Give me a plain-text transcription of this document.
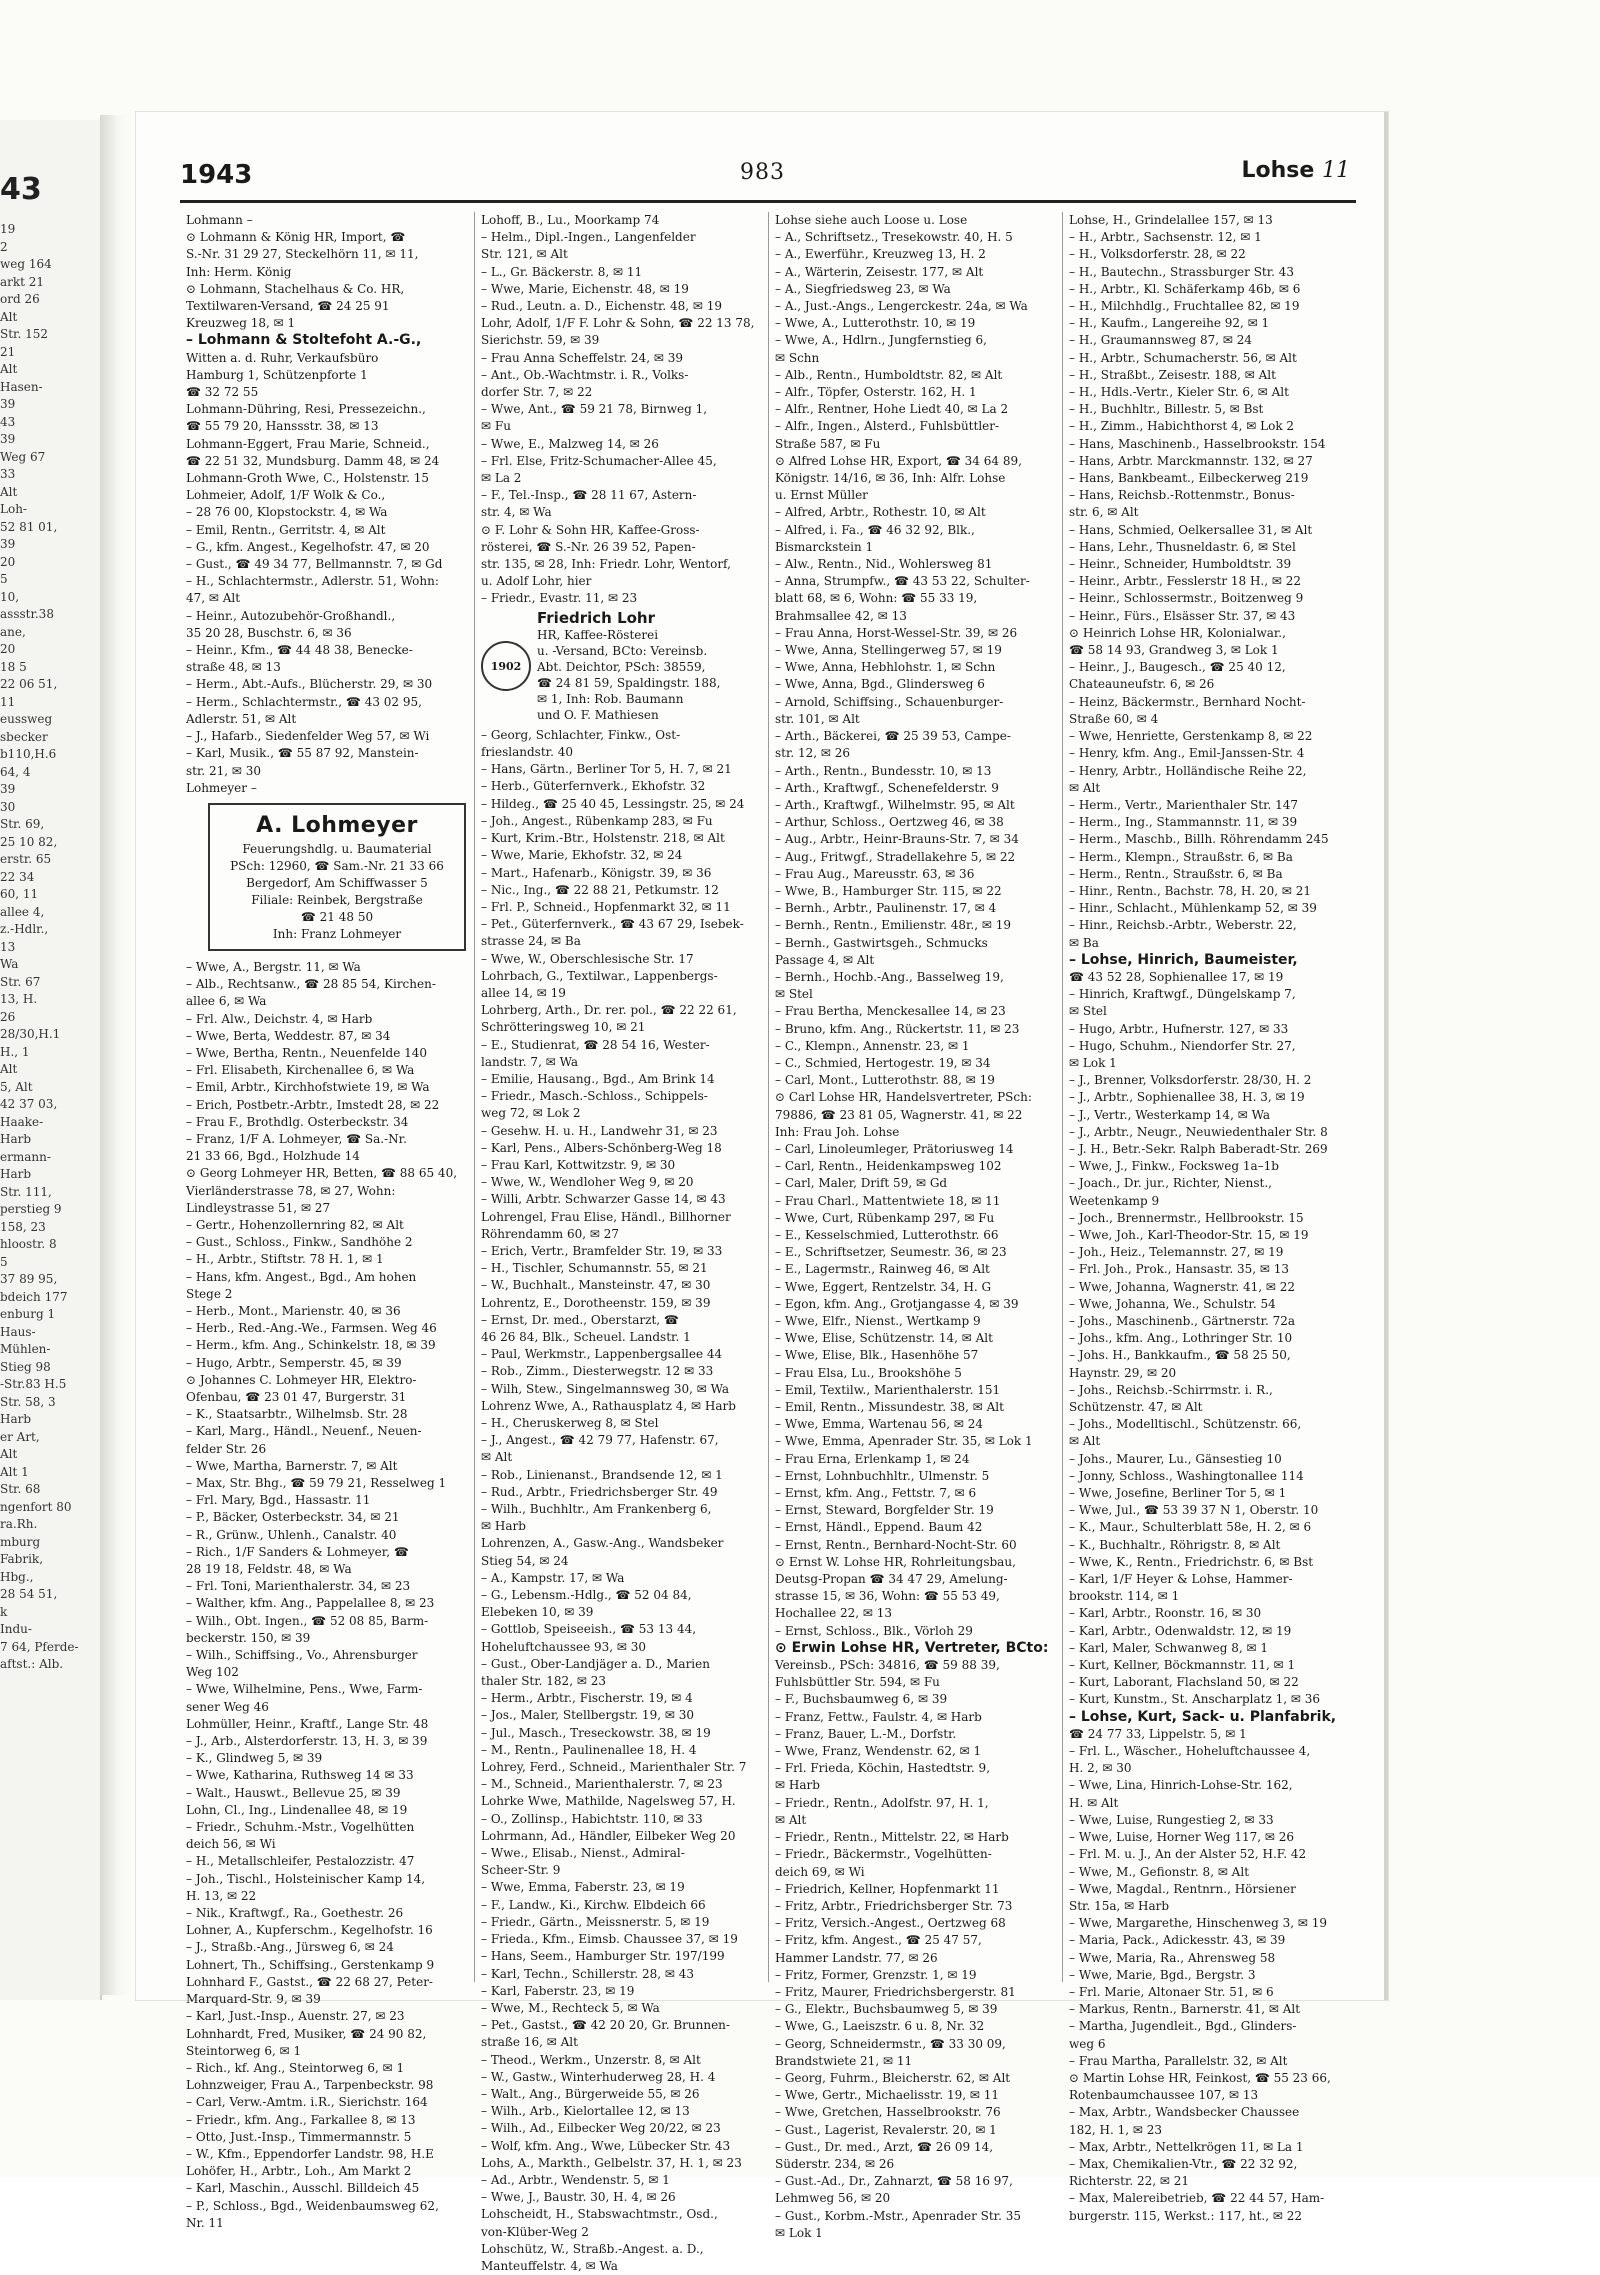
43
19
2
weg 164
arkt 21
ord 26
Alt
Str. 152
21
Alt
Hasen-
39
43
39
Weg 67
33
Alt
Loh-
52 81 01,
39
20
5
10,
assstr.38
ane,
20
18 5
22 06 51,
11
eussweg
sbecker
b110,H.6
64, 4
39
30
Str. 69,
25 10 82,
erstr. 65
22 34
60, 11
allee 4,
z.-Hdlr.,
13
Wa
Str. 67
13, H.
26
28/30,H.1
H., 1
Alt
5, Alt
42 37 03,
Haake-
Harb
ermann-
Harb
Str. 111,
perstieg 9
158, 23
hloostr. 8
5
37 89 95,
bdeich 177
enburg 1
Haus-
Mühlen-
Stieg 98
-Str.83 H.5
Str. 58, 3
Harb
er Art,
Alt
Alt 1
Str. 68
ngenfort 80
ra.Rh.
mburg
Fabrik,
Hbg.,
28 54 51,
k
Indu-
7 64, Pferde-
aftst.: Alb.
1943	983	Lohse 11
Lohmann –
⊙ Lohmann & König HR, Import, ☎
S.-Nr. 31 29 27, Steckelhörn 11, ✉ 11,
Inh: Herm. König
⊙ Lohmann, Stachelhaus & Co. HR,
Textilwaren-Versand, ☎ 24 25 91
Kreuzweg 18, ✉ 1
– Lohmann & Stoltefoht A.-G.,
Witten a. d. Ruhr, Verkaufsbüro
Hamburg 1, Schützenpforte 1
☎ 32 72 55
Lohmann-Dühring, Resi, Pressezeichn.,
☎ 55 79 20, Hanssstr. 38, ✉ 13
Lohmann-Eggert, Frau Marie, Schneid.,
☎ 22 51 32, Mundsburg. Damm 48, ✉ 24
Lohmann-Groth Wwe, C., Holstenstr. 15
Lohmeier, Adolf, 1/F Wolk & Co.,
– 28 76 00, Klopstockstr. 4, ✉ Wa
– Emil, Rentn., Gerritstr. 4, ✉ Alt
– G., kfm. Angest., Kegelhofstr. 47, ✉ 20
– Gust., ☎ 49 34 77, Bellmannstr. 7, ✉ Gd
– H., Schlachtermstr., Adlerstr. 51, Wohn:
47, ✉ Alt
– Heinr., Autozubehör-Großhandl.,
35 20 28, Buschstr. 6, ✉ 36
– Heinr., Kfm., ☎ 44 48 38, Benecke-
straße 48, ✉ 13
– Herm., Abt.-Aufs., Blücherstr. 29, ✉ 30
– Herm., Schlachtermstr., ☎ 43 02 95,
Adlerstr. 51, ✉ Alt
– J., Hafarb., Siedenfelder Weg 57, ✉ Wi
– Karl, Musik., ☎ 55 87 92, Manstein-
str. 21, ✉ 30
Lohmeyer –
A. Lohmeyer
Feuerungshdlg. u. Baumaterial
PSch: 12960, ☎ Sam.-Nr. 21 33 66
Bergedorf, Am Schiffwasser 5
Filiale: Reinbek, Bergstraße
☎ 21 48 50
Inh: Franz Lohmeyer
– Wwe, A., Bergstr. 11, ✉ Wa
– Alb., Rechtsanw., ☎ 28 85 54, Kirchen-
allee 6, ✉ Wa
– Frl. Alw., Deichstr. 4, ✉ Harb
– Wwe, Berta, Weddestr. 87, ✉ 34
– Wwe, Bertha, Rentn., Neuenfelde 140
– Frl. Elisabeth, Kirchenallee 6, ✉ Wa
– Emil, Arbtr., Kirchhofstwiete 19, ✉ Wa
– Erich, Postbetr.-Arbtr., Imstedt 28, ✉ 22
– Frau F., Brothdlg. Osterbeckstr. 34
– Franz, 1/F A. Lohmeyer, ☎ Sa.-Nr.
21 33 66, Bgd., Holzhude 14
⊙ Georg Lohmeyer HR, Betten, ☎ 88 65 40,
Vierländerstrasse 78, ✉ 27, Wohn:
Lindleystrasse 51, ✉ 27
– Gertr., Hohenzollernring 82, ✉ Alt
– Gust., Schloss., Finkw., Sandhöhe 2
– H., Arbtr., Stiftstr. 78 H. 1, ✉ 1
– Hans, kfm. Angest., Bgd., Am hohen
Stege 2
– Herb., Mont., Marienstr. 40, ✉ 36
– Herb., Red.-Ang.-We., Farmsen. Weg 46
– Herm., kfm. Ang., Schinkelstr. 18, ✉ 39
– Hugo, Arbtr., Semperstr. 45, ✉ 39
⊙ Johannes C. Lohmeyer HR, Elektro-
Ofenbau, ☎ 23 01 47, Burgerstr. 31
– K., Staatsarbtr., Wilhelmsb. Str. 28
– Karl, Marg., Händl., Neuenf., Neuen-
felder Str. 26
– Wwe, Martha, Barnerstr. 7, ✉ Alt
– Max, Str. Bhg., ☎ 59 79 21, Resselweg 1
– Frl. Mary, Bgd., Hassastr. 11
– P., Bäcker, Osterbeckstr. 34, ✉ 21
– R., Grünw., Uhlenh., Canalstr. 40
– Rich., 1/F Sanders & Lohmeyer, ☎
28 19 18, Feldstr. 48, ✉ Wa
– Frl. Toni, Marienthalerstr. 34, ✉ 23
– Walther, kfm. Ang., Pappelallee 8, ✉ 23
– Wilh., Obt. Ingen., ☎ 52 08 85, Barm-
beckerstr. 150, ✉ 39
– Wilh., Schiffsing., Vo., Ahrensburger
Weg 102
– Wwe, Wilhelmine, Pens., Wwe, Farm-
sener Weg 46
Lohmüller, Heinr., Kraftf., Lange Str. 48
– J., Arb., Alsterdorferstr. 13, H. 3, ✉ 39
– K., Glindweg 5, ✉ 39
– Wwe, Katharina, Ruthsweg 14 ✉ 33
– Walt., Hauswt., Bellevue 25, ✉ 39
Lohn, Cl., Ing., Lindenallee 48, ✉ 19
– Friedr., Schuhm.-Mstr., Vogelhütten
deich 56, ✉ Wi
– H., Metallschleifer, Pestalozzistr. 47
– Joh., Tischl., Holsteinischer Kamp 14,
H. 13, ✉ 22
– Nik., Kraftwgf., Ra., Goethestr. 26
Lohner, A., Kupferschm., Kegelhofstr. 16
– J., Straßb.-Ang., Jürsweg 6, ✉ 24
Lohnert, Th., Schiffsing., Gerstenkamp 9
Lohnhard F., Gastst., ☎ 22 68 27, Peter-
Marquard-Str. 9, ✉ 39
– Karl, Just.-Insp., Auenstr. 27, ✉ 23
Lohnhardt, Fred, Musiker, ☎ 24 90 82,
Steintorweg 6, ✉ 1
– Rich., kf. Ang., Steintorweg 6, ✉ 1
Lohnzweiger, Frau A., Tarpenbeckstr. 98
– Carl, Verw.-Amtm. i.R., Sierichstr. 164
– Friedr., kfm. Ang., Farkallee 8, ✉ 13
– Otto, Just.-Insp., Timmermannstr. 5
– W., Kfm., Eppendorfer Landstr. 98, H.E
Lohöfer, H., Arbtr., Loh., Am Markt 2
– Karl, Maschin., Ausschl. Billdeich 45
– P., Schloss., Bgd., Weidenbaumsweg 62,
Nr. 11
Lohoff, B., Lu., Moorkamp 74
– Helm., Dipl.-Ingen., Langenfelder
Str. 121, ✉ Alt
– L., Gr. Bäckerstr. 8, ✉ 11
– Wwe, Marie, Eichenstr. 48, ✉ 19
– Rud., Leutn. a. D., Eichenstr. 48, ✉ 19
Lohr, Adolf, 1/F F. Lohr & Sohn, ☎ 22 13 78,
Sierichstr. 59, ✉ 39
– Frau Anna Scheffelstr. 24, ✉ 39
– Ant., Ob.-Wachtmstr. i. R., Volks-
dorfer Str. 7, ✉ 22
– Wwe, Ant., ☎ 59 21 78, Birnweg 1,
✉ Fu
– Wwe, E., Malzweg 14, ✉ 26
– Frl. Else, Fritz-Schumacher-Allee 45,
✉ La 2
– F., Tel.-Insp., ☎ 28 11 67, Astern-
str. 4, ✉ Wa
⊙ F. Lohr & Sohn HR, Kaffee-Gross-
rösterei, ☎ S.-Nr. 26 39 52, Papen-
str. 135, ✉ 28, Inh: Friedr. Lohr, Wentorf,
u. Adolf Lohr, hier
– Friedr., Evastr. 11, ✉ 23
1902
Friedrich Lohr
HR, Kaffee-Rösterei
u. -Versand, BCto: Vereinsb.
Abt. Deichtor, PSch: 38559,
☎ 24 81 59, Spaldingstr. 188,
✉ 1, Inh: Rob. Baumann
und O. F. Mathiesen
– Georg, Schlachter, Finkw., Ost-
frieslandstr. 40
– Hans, Gärtn., Berliner Tor 5, H. 7, ✉ 21
– Herb., Güterfernverk., Ekhofstr. 32
– Hildeg., ☎ 25 40 45, Lessingstr. 25, ✉ 24
– Joh., Angest., Rübenkamp 283, ✉ Fu
– Kurt, Krim.-Btr., Holstenstr. 218, ✉ Alt
– Wwe, Marie, Ekhofstr. 32, ✉ 24
– Mart., Hafenarb., Königstr. 39, ✉ 36
– Nic., Ing., ☎ 22 88 21, Petkumstr. 12
– Frl. P., Schneid., Hopfenmarkt 32, ✉ 11
– Pet., Güterfernverk., ☎ 43 67 29, Isebek-
strasse 24, ✉ Ba
– Wwe, W., Oberschlesische Str. 17
Lohrbach, G., Textilwar., Lappenbergs-
allee 14, ✉ 19
Lohrberg, Arth., Dr. rer. pol., ☎ 22 22 61,
Schrötteringsweg 10, ✉ 21
– E., Studienrat, ☎ 28 54 16, Wester-
landstr. 7, ✉ Wa
– Emilie, Hausang., Bgd., Am Brink 14
– Friedr., Masch.-Schloss., Schippels-
weg 72, ✉ Lok 2
– Gesehw. H. u. H., Landwehr 31, ✉ 23
– Karl, Pens., Albers-Schönberg-Weg 18
– Frau Karl, Kottwitzstr. 9, ✉ 30
– Wwe, W., Wendloher Weg 9, ✉ 20
– Willi, Arbtr. Schwarzer Gasse 14, ✉ 43
Lohrengel, Frau Elise, Händl., Billhorner
Röhrendamm 60, ✉ 27
– Erich, Vertr., Bramfelder Str. 19, ✉ 33
– H., Tischler, Schumannstr. 55, ✉ 21
– W., Buchhalt., Mansteinstr. 47, ✉ 30
Lohrentz, E., Dorotheenstr. 159, ✉ 39
– Ernst, Dr. med., Oberstarzt, ☎
46 26 84, Blk., Scheuel. Landstr. 1
– Paul, Werkmstr., Lappenbergsallee 44
– Rob., Zimm., Diesterwegstr. 12 ✉ 33
– Wilh, Stew., Singelmannsweg 30, ✉ Wa
Lohrenz Wwe, A., Rathausplatz 4, ✉ Harb
– H., Cheruskerweg 8, ✉ Stel
– J., Angest., ☎ 42 79 77, Hafenstr. 67,
✉ Alt
– Rob., Linienanst., Brandsende 12, ✉ 1
– Rud., Arbtr., Friedrichsberger Str. 49
– Wilh., Buchhltr., Am Frankenberg 6,
✉ Harb
Lohrenzen, A., Gasw.-Ang., Wandsbeker
Stieg 54, ✉ 24
– A., Kampstr. 17, ✉ Wa
– G., Lebensm.-Hdlg., ☎ 52 04 84,
Elebeken 10, ✉ 39
– Gottlob, Speiseeish., ☎ 53 13 44,
Hoheluftchaussee 93, ✉ 30
– Gust., Ober-Landjäger a. D., Marien
thaler Str. 182, ✉ 23
– Herm., Arbtr., Fischerstr. 19, ✉ 4
– Jos., Maler, Stellbergstr. 19, ✉ 30
– Jul., Masch., Treseckowstr. 38, ✉ 19
– M., Rentn., Paulinenallee 18, H. 4
Lohrey, Ferd., Schneid., Marienthaler Str. 7
– M., Schneid., Marienthalerstr. 7, ✉ 23
Lohrke Wwe, Mathilde, Nagelsweg 57, H.
– O., Zollinsp., Habichtstr. 110, ✉ 33
Lohrmann, Ad., Händler, Eilbeker Weg 20
– Wwe., Elisab., Nienst., Admiral-
Scheer-Str. 9
– Wwe, Emma, Faberstr. 23, ✉ 19
– F., Landw., Ki., Kirchw. Elbdeich 66
– Friedr., Gärtn., Meissnerstr. 5, ✉ 19
– Frieda., Kfm., Eimsb. Chaussee 37, ✉ 19
– Hans, Seem., Hamburger Str. 197/199
– Karl, Techn., Schillerstr. 28, ✉ 43
– Karl, Faberstr. 23, ✉ 19
– Wwe, M., Rechteck 5, ✉ Wa
– Pet., Gastst., ☎ 42 20 20, Gr. Brunnen-
straße 16, ✉ Alt
– Theod., Werkm., Unzerstr. 8, ✉ Alt
– W., Gastw., Winterhuderweg 28, H. 4
– Walt., Ang., Bürgerweide 55, ✉ 26
– Wilh., Arb., Kielortallee 12, ✉ 13
– Wilh., Ad., Eilbecker Weg 20/22, ✉ 23
– Wolf, kfm. Ang., Wwe, Lübecker Str. 43
Lohs, A., Markth., Gelbelstr. 37, H. 1, ✉ 23
– Ad., Arbtr., Wendenstr. 5, ✉ 1
– Wwe, J., Baustr. 30, H. 4, ✉ 26
Lohscheidt, H., Stabswachtmstr., Osd.,
von-Klüber-Weg 2
Lohschütz, W., Straßb.-Angest. a. D.,
Manteuffelstr. 4, ✉ Wa
Lohse siehe auch Loose u. Lose
– A., Schriftsetz., Tresekowstr. 40, H. 5
– A., Ewerführ., Kreuzweg 13, H. 2
– A., Wärterin, Zeisestr. 177, ✉ Alt
– A., Siegfriedsweg 23, ✉ Wa
– A., Just.-Angs., Lengerckestr. 24a, ✉ Wa
– Wwe, A., Lutterothstr. 10, ✉ 19
– Wwe, A., Hdlrn., Jungfernstieg 6,
✉ Schn
– Alb., Rentn., Humboldtstr. 82, ✉ Alt
– Alfr., Töpfer, Osterstr. 162, H. 1
– Alfr., Rentner, Hohe Liedt 40, ✉ La 2
– Alfr., Ingen., Alsterd., Fuhlsbüttler-
Straße 587, ✉ Fu
⊙ Alfred Lohse HR, Export, ☎ 34 64 89,
Königstr. 14/16, ✉ 36, Inh: Alfr. Lohse
u. Ernst Müller
– Alfred, Arbtr., Rothestr. 10, ✉ Alt
– Alfred, i. Fa., ☎ 46 32 92, Blk.,
Bismarckstein 1
– Alw., Rentn., Nid., Wohlersweg 81
– Anna, Strumpfw., ☎ 43 53 22, Schulter-
blatt 68, ✉ 6, Wohn: ☎ 55 33 19,
Brahmsallee 42, ✉ 13
– Frau Anna, Horst-Wessel-Str. 39, ✉ 26
– Wwe, Anna, Stellingerweg 57, ✉ 19
– Wwe, Anna, Hebhlohstr. 1, ✉ Schn
– Wwe, Anna, Bgd., Glindersweg 6
– Arnold, Schiffsing., Schauenburger-
str. 101, ✉ Alt
– Arth., Bäckerei, ☎ 25 39 53, Campe-
str. 12, ✉ 26
– Arth., Rentn., Bundesstr. 10, ✉ 13
– Arth., Kraftwgf., Schenefelderstr. 9
– Arth., Kraftwgf., Wilhelmstr. 95, ✉ Alt
– Arthur, Schloss., Oertzweg 46, ✉ 38
– Aug., Arbtr., Heinr-Brauns-Str. 7, ✉ 34
– Aug., Fritwgf., Stradellakehre 5, ✉ 22
– Frau Aug., Mareusstr. 63, ✉ 36
– Wwe, B., Hamburger Str. 115, ✉ 22
– Bernh., Arbtr., Paulinenstr. 17, ✉ 4
– Bernh., Rentn., Emilienstr. 48r., ✉ 19
– Bernh., Gastwirtsgeh., Schmucks
Passage 4, ✉ Alt
– Bernh., Hochb.-Ang., Basselweg 19,
✉ Stel
– Frau Bertha, Menckesallee 14, ✉ 23
– Bruno, kfm. Ang., Rückertstr. 11, ✉ 23
– C., Klempn., Annenstr. 23, ✉ 1
– C., Schmied, Hertogestr. 19, ✉ 34
– Carl, Mont., Lutterothstr. 88, ✉ 19
⊙ Carl Lohse HR, Handelsvertreter, PSch:
79886, ☎ 23 81 05, Wagnerstr. 41, ✉ 22
Inh: Frau Joh. Lohse
– Carl, Linoleumleger, Prätoriusweg 14
– Carl, Rentn., Heidenkampsweg 102
– Carl, Maler, Drift 59, ✉ Gd
– Frau Charl., Mattentwiete 18, ✉ 11
– Wwe, Curt, Rübenkamp 297, ✉ Fu
– E., Kesselschmied, Lutterothstr. 66
– E., Schriftsetzer, Seumestr. 36, ✉ 23
– E., Lagermstr., Rainweg 46, ✉ Alt
– Wwe, Eggert, Rentzelstr. 34, H. G
– Egon, kfm. Ang., Grotjangasse 4, ✉ 39
– Wwe, Elfr., Nienst., Wertkamp 9
– Wwe, Elise, Schützenstr. 14, ✉ Alt
– Wwe, Elise, Blk., Hasenhöhe 57
– Frau Elsa, Lu., Brookshöhe 5
– Emil, Textilw., Marienthalerstr. 151
– Emil, Rentn., Missundestr. 38, ✉ Alt
– Wwe, Emma, Wartenau 56, ✉ 24
– Wwe, Emma, Apenrader Str. 35, ✉ Lok 1
– Frau Erna, Erlenkamp 1, ✉ 24
– Ernst, Lohnbuchhltr., Ulmenstr. 5
– Ernst, kfm. Ang., Fettstr. 7, ✉ 6
– Ernst, Steward, Borgfelder Str. 19
– Ernst, Händl., Eppend. Baum 42
– Ernst, Rentn., Bernhard-Nocht-Str. 60
⊙ Ernst W. Lohse HR, Rohrleitungsbau,
Deutsg-Propan ☎ 34 47 29, Amelung-
strasse 15, ✉ 36, Wohn: ☎ 55 53 49,
Hochallee 22, ✉ 13
– Ernst, Schloss., Blk., Vörloh 29
⊙ Erwin Lohse HR, Vertreter, BCto:
Vereinsb., PSch: 34816, ☎ 59 88 39,
Fuhlsbüttler Str. 594, ✉ Fu
– F., Buchsbaumweg 6, ✉ 39
– Franz, Fettw., Faulstr. 4, ✉ Harb
– Franz, Bauer, L.-M., Dorfstr.
– Wwe, Franz, Wendenstr. 62, ✉ 1
– Frl. Frieda, Köchin, Hastedtstr. 9,
✉ Harb
– Friedr., Rentn., Adolfstr. 97, H. 1,
✉ Alt
– Friedr., Rentn., Mittelstr. 22, ✉ Harb
– Friedr., Bäckermstr., Vogelhütten-
deich 69, ✉ Wi
– Friedrich, Kellner, Hopfenmarkt 11
– Fritz, Arbtr., Friedrichsberger Str. 73
– Fritz, Versich.-Angest., Oertzweg 68
– Fritz, kfm. Angest., ☎ 25 47 57,
Hammer Landstr. 77, ✉ 26
– Fritz, Former, Grenzstr. 1, ✉ 19
– Fritz, Maurer, Friedrichsbergerstr. 81
– G., Elektr., Buchsbaumweg 5, ✉ 39
– Wwe, G., Laeiszstr. 6 u. 8, Nr. 32
– Georg, Schneidermstr., ☎ 33 30 09,
Brandstwiete 21, ✉ 11
– Georg, Fuhrm., Bleicherstr. 62, ✉ Alt
– Wwe, Gertr., Michaelisstr. 19, ✉ 11
– Wwe, Gretchen, Hasselbrookstr. 76
– Gust., Lagerist, Revalerstr. 20, ✉ 1
– Gust., Dr. med., Arzt, ☎ 26 09 14,
Süderstr. 234, ✉ 26
– Gust.-Ad., Dr., Zahnarzt, ☎ 58 16 97,
Lehmweg 56, ✉ 20
– Gust., Korbm.-Mstr., Apenrader Str. 35
✉ Lok 1
Lohse, H., Grindelallee 157, ✉ 13
– H., Arbtr., Sachsenstr. 12, ✉ 1
– H., Volksdorferstr. 28, ✉ 22
– H., Bautechn., Strassburger Str. 43
– H., Arbtr., Kl. Schäferkamp 46b, ✉ 6
– H., Milchhdlg., Fruchtallee 82, ✉ 19
– H., Kaufm., Langereihe 92, ✉ 1
– H., Graumannsweg 87, ✉ 24
– H., Arbtr., Schumacherstr. 56, ✉ Alt
– H., Straßbt., Zeisestr. 188, ✉ Alt
– H., Hdls.-Vertr., Kieler Str. 6, ✉ Alt
– H., Buchhltr., Billestr. 5, ✉ Bst
– H., Zimm., Habichthorst 4, ✉ Lok 2
– Hans, Maschinenb., Hasselbrookstr. 154
– Hans, Arbtr. Marckmannstr. 132, ✉ 27
– Hans, Bankbeamt., Eilbeckerweg 219
– Hans, Reichsb.-Rottenmstr., Bonus-
str. 6, ✉ Alt
– Hans, Schmied, Oelkersallee 31, ✉ Alt
– Hans, Lehr., Thusneldastr. 6, ✉ Stel
– Heinr., Schneider, Humboldtstr. 39
– Heinr., Arbtr., Fesslerstr 18 H., ✉ 22
– Heinr., Schlossermstr., Boitzenweg 9
– Heinr., Fürs., Elsässer Str. 37, ✉ 43
⊙ Heinrich Lohse HR, Kolonialwar.,
☎ 58 14 93, Grandweg 3, ✉ Lok 1
– Heinr., J., Baugesch., ☎ 25 40 12,
Chateauneufstr. 6, ✉ 26
– Heinz, Bäckermstr., Bernhard Nocht-
Straße 60, ✉ 4
– Wwe, Henriette, Gerstenkamp 8, ✉ 22
– Henry, kfm. Ang., Emil-Janssen-Str. 4
– Henry, Arbtr., Holländische Reihe 22,
✉ Alt
– Herm., Vertr., Marienthaler Str. 147
– Herm., Ing., Stammannstr. 11, ✉ 39
– Herm., Maschb., Billh. Röhrendamm 245
– Herm., Klempn., Straußstr. 6, ✉ Ba
– Herm., Rentn., Straußstr. 6, ✉ Ba
– Hinr., Rentn., Bachstr. 78, H. 20, ✉ 21
– Hinr., Schlacht., Mühlenkamp 52, ✉ 39
– Hinr., Reichsb.-Arbtr., Weberstr. 22,
✉ Ba
– Lohse, Hinrich, Baumeister,
☎ 43 52 28, Sophienallee 17, ✉ 19
– Hinrich, Kraftwgf., Düngelskamp 7,
✉ Stel
– Hugo, Arbtr., Hufnerstr. 127, ✉ 33
– Hugo, Schuhm., Niendorfer Str. 27,
✉ Lok 1
– J., Brenner, Volksdorferstr. 28/30, H. 2
– J., Arbtr., Sophienallee 38, H. 3, ✉ 19
– J., Vertr., Westerkamp 14, ✉ Wa
– J., Arbtr., Neugr., Neuwiedenthaler Str. 8
– J. H., Betr.-Sekr. Ralph Baberadt-Str. 269
– Wwe, J., Finkw., Focksweg 1a–1b
– Joach., Dr. jur., Richter, Nienst.,
Weetenkamp 9
– Joch., Brennermstr., Hellbrookstr. 15
– Wwe, Joh., Karl-Theodor-Str. 15, ✉ 19
– Joh., Heiz., Telemannstr. 27, ✉ 19
– Frl. Joh., Prok., Hansastr. 35, ✉ 13
– Wwe, Johanna, Wagnerstr. 41, ✉ 22
– Wwe, Johanna, We., Schulstr. 54
– Johs., Maschinenb., Gärtnerstr. 72a
– Johs., kfm. Ang., Lothringer Str. 10
– Johs. H., Bankkaufm., ☎ 58 25 50,
Haynstr. 29, ✉ 20
– Johs., Reichsb.-Schirrmstr. i. R.,
Schützenstr. 47, ✉ Alt
– Johs., Modelltischl., Schützenstr. 66,
✉ Alt
– Johs., Maurer, Lu., Gänsestieg 10
– Jonny, Schloss., Washingtonallee 114
– Wwe, Josefine, Berliner Tor 5, ✉ 1
– Wwe, Jul., ☎ 53 39 37 N 1, Oberstr. 10
– K., Maur., Schulterblatt 58e, H. 2, ✉ 6
– K., Buchhaltr., Röhrigstr. 8, ✉ Alt
– Wwe, K., Rentn., Friedrichstr. 6, ✉ Bst
– Karl, 1/F Heyer & Lohse, Hammer-
brookstr. 114, ✉ 1
– Karl, Arbtr., Roonstr. 16, ✉ 30
– Karl, Arbtr., Odenwaldstr. 12, ✉ 19
– Karl, Maler, Schwanweg 8, ✉ 1
– Kurt, Kellner, Böckmannstr. 11, ✉ 1
– Kurt, Laborant, Flachsland 50, ✉ 22
– Kurt, Kunstm., St. Anscharplatz 1, ✉ 36
– Lohse, Kurt, Sack- u. Planfabrik,
☎ 24 77 33, Lippelstr. 5, ✉ 1
– Frl. L., Wäscher., Hoheluftchaussee 4,
H. 2, ✉ 30
– Wwe, Lina, Hinrich-Lohse-Str. 162,
H. ✉ Alt
– Wwe, Luise, Rungestieg 2, ✉ 33
– Wwe, Luise, Horner Weg 117, ✉ 26
– Frl. M. u. J., An der Alster 52, H.F. 42
– Wwe, M., Gefionstr. 8, ✉ Alt
– Wwe, Magdal., Rentnrn., Hörsiener
Str. 15a, ✉ Harb
– Wwe, Margarethe, Hinschenweg 3, ✉ 19
– Maria, Pack., Adickesstr. 43, ✉ 39
– Wwe, Maria, Ra., Ahrensweg 58
– Wwe, Marie, Bgd., Bergstr. 3
– Frl. Marie, Altonaer Str. 51, ✉ 6
– Markus, Rentn., Barnerstr. 41, ✉ Alt
– Martha, Jugendleit., Bgd., Glinders-
weg 6
– Frau Martha, Parallelstr. 32, ✉ Alt
⊙ Martin Lohse HR, Feinkost, ☎ 55 23 66,
Rotenbaumchaussee 107, ✉ 13
– Max, Arbtr., Wandsbecker Chaussee
182, H. 1, ✉ 23
– Max, Arbtr., Nettelkrögen 11, ✉ La 1
– Max, Chemikalien-Vtr., ☎ 22 32 92,
Richterstr. 22, ✉ 21
– Max, Malereibetrieb, ☎ 22 44 57, Ham-
burgerstr. 115, Werkst.: 117, ht., ✉ 22
